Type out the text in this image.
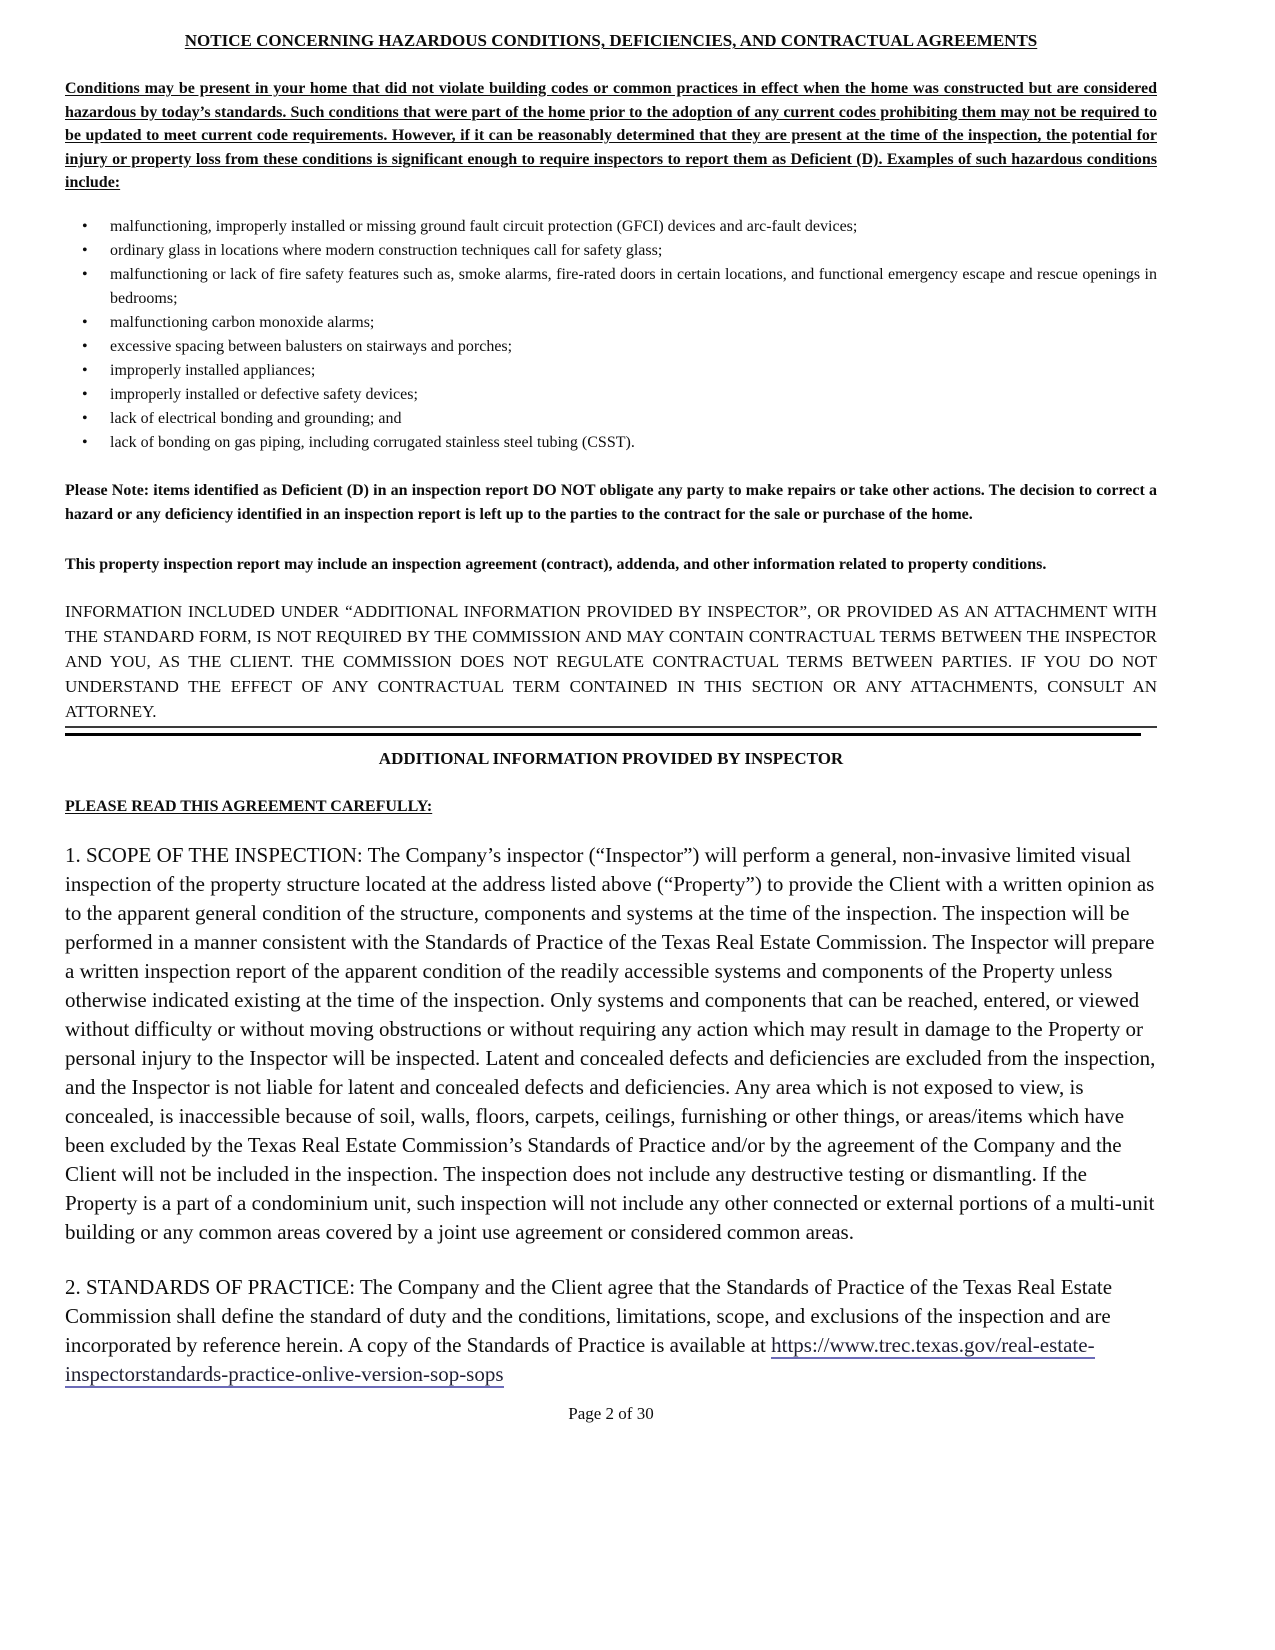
NOTICE CONCERNING HAZARDOUS CONDITIONS, DEFICIENCIES, AND CONTRACTUAL AGREEMENTS
Conditions may be present in your home that did not violate building codes or common practices in effect when the home was constructed but are considered hazardous by today’s standards. Such conditions that were part of the home prior to the adoption of any current codes prohibiting them may not be required to be updated to meet current code requirements. However, if it can be reasonably determined that they are present at the time of the inspection, the potential for injury or property loss from these conditions is significant enough to require inspectors to report them as Deficient (D). Examples of such hazardous conditions include:
• malfunctioning, improperly installed or missing ground fault circuit protection (GFCI) devices and arc-fault devices;
• ordinary glass in locations where modern construction techniques call for safety glass;
• malfunctioning or lack of fire safety features such as, smoke alarms, fire-rated doors in certain locations, and functional emergency escape and rescue openings in bedrooms;
• malfunctioning carbon monoxide alarms;
• excessive spacing between balusters on stairways and porches;
• improperly installed appliances;
• improperly installed or defective safety devices;
• lack of electrical bonding and grounding; and
• lack of bonding on gas piping, including corrugated stainless steel tubing (CSST).
Please Note: items identified as Deficient (D) in an inspection report DO NOT obligate any party to make repairs or take other actions. The decision to correct a hazard or any deficiency identified in an inspection report is left up to the parties to the contract for the sale or purchase of the home.
This property inspection report may include an inspection agreement (contract), addenda, and other information related to property conditions.
INFORMATION INCLUDED UNDER “ADDITIONAL INFORMATION PROVIDED BY INSPECTOR”, OR PROVIDED AS AN ATTACHMENT WITH THE STANDARD FORM, IS NOT REQUIRED BY THE COMMISSION AND MAY CONTAIN CONTRACTUAL TERMS BETWEEN THE INSPECTOR AND YOU, AS THE CLIENT. THE COMMISSION DOES NOT REGULATE CONTRACTUAL TERMS BETWEEN PARTIES. IF YOU DO NOT UNDERSTAND THE EFFECT OF ANY CONTRACTUAL TERM CONTAINED IN THIS SECTION OR ANY ATTACHMENTS, CONSULT AN ATTORNEY.
ADDITIONAL INFORMATION PROVIDED BY INSPECTOR
PLEASE READ THIS AGREEMENT CAREFULLY:
1. SCOPE OF THE INSPECTION: The Company’s inspector (“Inspector”) will perform a general, non-invasive limited visual inspection of the property structure located at the address listed above (“Property”) to provide the Client with a written opinion as to the apparent general condition of the structure, components and systems at the time of the inspection. The inspection will be performed in a manner consistent with the Standards of Practice of the Texas Real Estate Commission. The Inspector will prepare a written inspection report of the apparent condition of the readily accessible systems and components of the Property unless otherwise indicated existing at the time of the inspection. Only systems and components that can be reached, entered, or viewed without difficulty or without moving obstructions or without requiring any action which may result in damage to the Property or personal injury to the Inspector will be inspected. Latent and concealed defects and deficiencies are excluded from the inspection, and the Inspector is not liable for latent and concealed defects and deficiencies. Any area which is not exposed to view, is concealed, is inaccessible because of soil, walls, floors, carpets, ceilings, furnishing or other things, or areas/items which have been excluded by the Texas Real Estate Commission’s Standards of Practice and/or by the agreement of the Company and the Client will not be included in the inspection. The inspection does not include any destructive testing or dismantling. If the Property is a part of a condominium unit, such inspection will not include any other connected or external portions of a multi-unit building or any common areas covered by a joint use agreement or considered common areas.
2. STANDARDS OF PRACTICE: The Company and the Client agree that the Standards of Practice of the Texas Real Estate Commission shall define the standard of duty and the conditions, limitations, scope, and exclusions of the inspection and are incorporated by reference herein. A copy of the Standards of Practice is available at https://www.trec.texas.gov/real-estate-inspectorstandards-practice-onlive-version-sop-sops
Page 2 of 30
